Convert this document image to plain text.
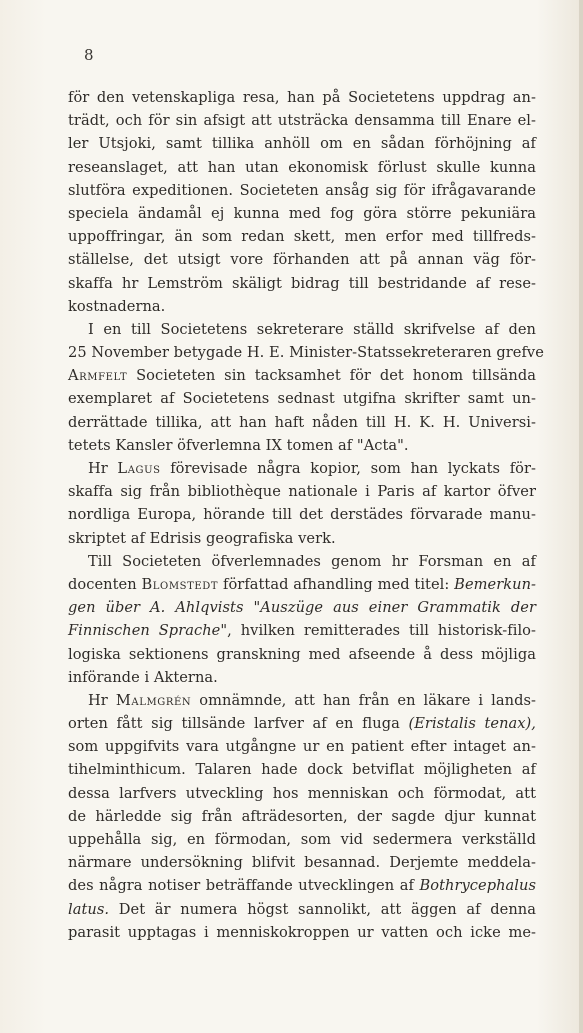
8
för den vetenskapliga resa, han på Societetens uppdrag an-
trädt, och för sin afsigt att utsträcka densamma till Enare el-
ler Utsjoki, samt tillika anhöll om en sådan förhöjning af
reseanslaget, att han utan ekonomisk förlust skulle kunna
slutföra expeditionen. Societeten ansåg sig för ifrågavarande
speciela ändamål ej kunna med fog göra större pekuniära
uppoffringar, än som redan skett, men erfor med tillfreds-
ställelse, det utsigt vore förhanden att på annan väg för-
skaffa hr Lemström skäligt bidrag till bestridande af rese-
kostnaderna.
I en till Societetens sekreterare ställd skrifvelse af den
25 November betygade H. E. Minister-Statssekreteraren grefve
Armfelt Societeten sin tacksamhet för det honom tillsända
exemplaret af Societetens sednast utgifna skrifter samt un-
derrättade tillika, att han haft nåden till H. K. H. Universi-
tetets Kansler öfverlemna IX tomen af "Acta".
Hr Lagus förevisade några kopior, som han lyckats för-
skaffa sig från bibliothèque nationale i Paris af kartor öfver
nordliga Europa, hörande till det derstädes förvarade manu-
skriptet af Edrisis geografiska verk.
Till Societeten öfverlemnades genom hr Forsman en af
docenten Blomstedt författad afhandling med titel: Bemerkun-
gen über A. Ahlqvists "Auszüge aus einer Grammatik der
Finnischen Sprache", hvilken remitterades till historisk-filo-
logiska sektionens granskning med afseende å dess möjliga
införande i Akterna.
Hr Malmgrén omnämnde, att han från en läkare i lands-
orten fått sig tillsände larfver af en fluga (Eristalis tenax),
som uppgifvits vara utgångne ur en patient efter intaget an-
tihelminthicum. Talaren hade dock betviflat möjligheten af
dessa larfvers utveckling hos menniskan och förmodat, att
de härledde sig från afträdesorten, der sagde djur kunnat
uppehålla sig, en förmodan, som vid sedermera verkställd
närmare undersökning blifvit besannad. Derjemte meddela-
des några notiser beträffande utvecklingen af Bothrycephalus
latus. Det är numera högst sannolikt, att äggen af denna
parasit upptagas i menniskokroppen ur vatten och icke me-
